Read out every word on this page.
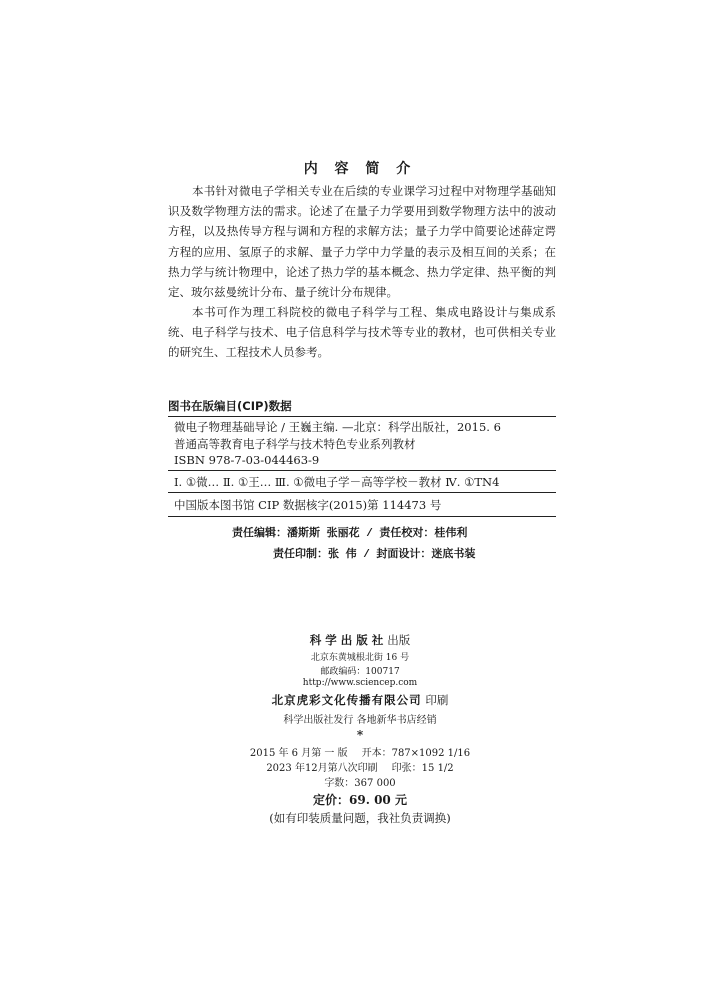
内 容 简 介

本书针对微电子学相关专业在后续的专业课学习过程中对物理学基础知识及数学物理方法的需求。论述了在量子力学要用到数学物理方法中的波动方程，以及热传导方程与调和方程的求解方法；量子力学中简要论述薛定谔方程的应用、氢原子的求解、量子力学中力学量的表示及相互间的关系；在热力学与统计物理中，论述了热力学的基本概念、热力学定律、热平衡的判定、玻尔兹曼统计分布、量子统计分布规律。

本书可作为理工科院校的微电子科学与工程、集成电路设计与集成系统、电子科学与技术、电子信息科学与技术等专业的教材，也可供相关专业的研究生、工程技术人员参考。

图书在版编目(CIP)数据
微电子物理基础导论 / 王巍主编. —北京：科学出版社，2015. 6
普通高等教育电子科学与技术特色专业系列教材
ISBN 978-7-03-044463-9
Ⅰ. ①微… Ⅱ. ①王… Ⅲ. ①微电子学－高等学校－教材 Ⅳ. ①TN4
中国版本图书馆 CIP 数据核字(2015)第 114473 号
责任编辑：潘斯斯 张丽花 / 责任校对：桂伟利
责任印制：张 伟 / 封面设计：迷底书装
科学出版社出版
北京东黄城根北街 16 号
邮政编码：100717
http://www.sciencep.com
北京虎彩文化传播有限公司 印刷
科学出版社发行 各地新华书店经销
*
2015 年 6 月第 一 版 开本：787×1092 1/16
2023 年12月第八次印刷 印张：15 1/2
字数：367 000
定价：69. 00 元
(如有印装质量问题，我社负责调换)
